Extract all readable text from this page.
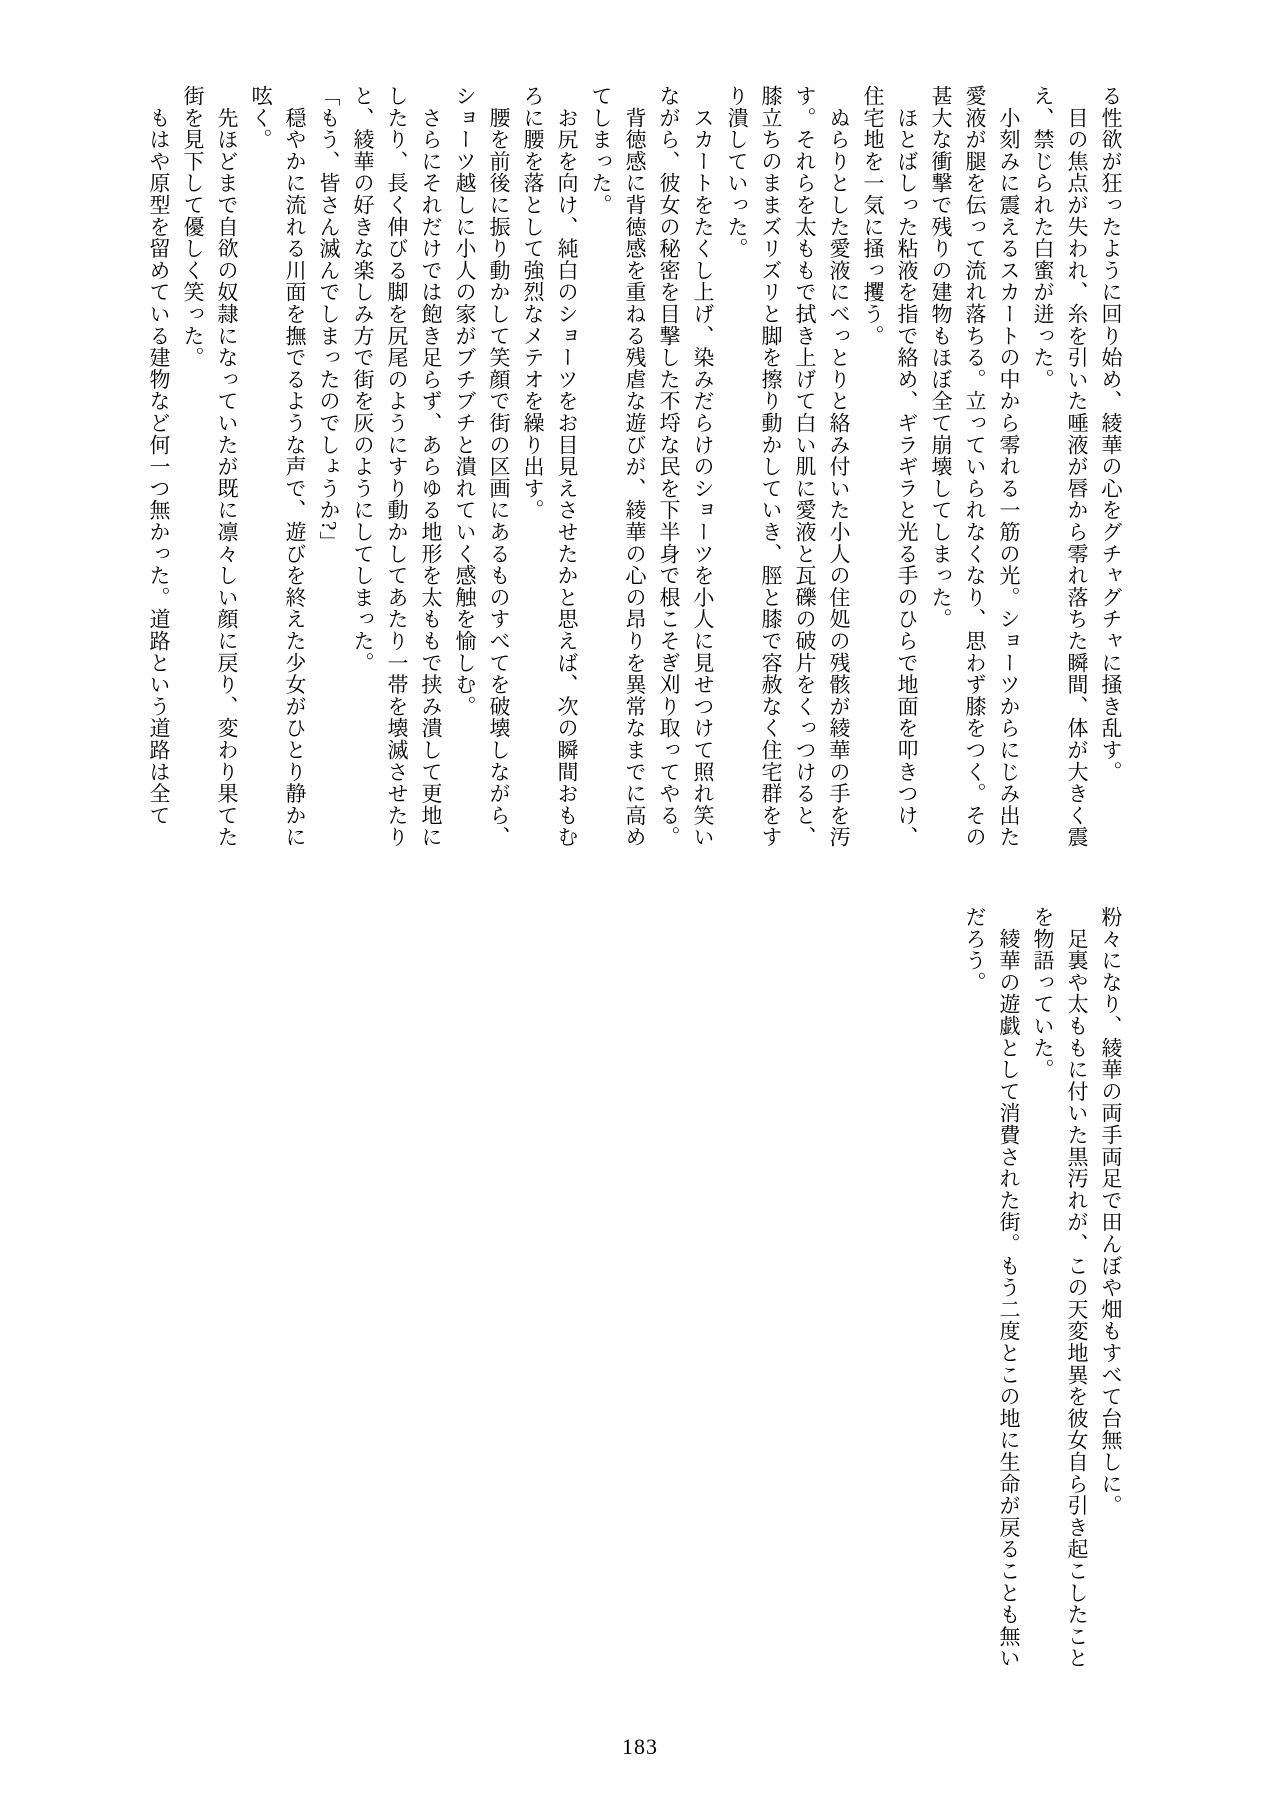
る性欲が狂ったように回り始め、綾華の心をグチャグチャに掻き乱す。

　目の焦点が失われ、糸を引いた唾液が唇から零れ落ちた瞬間、体が大きく震

え、禁じられた白蜜が迸った。

　小刻みに震えるスカートの中から零れる一筋の光。ショーツからにじみ出た

愛液が腿を伝って流れ落ちる。立っていられなくなり、思わず膝をつく。その

甚大な衝撃で残りの建物もほぼ全て崩壊してしまった。

　ほとばしった粘液を指で絡め、ギラギラと光る手のひらで地面を叩きつけ、

住宅地を一気に掻っ攫う。

　ぬらりとした愛液にべっとりと絡み付いた小人の住処の残骸が綾華の手を汚

す。それらを太ももで拭き上げて白い肌に愛液と瓦礫の破片をくっつけると、

膝立ちのままズリズリと脚を擦り動かしていき、脛と膝で容赦なく住宅群をす

り潰していった。

　スカートをたくし上げ、染みだらけのショーツを小人に見せつけて照れ笑い

ながら、彼女の秘密を目撃した不埒な民を下半身で根こそぎ刈り取ってやる。

　背徳感に背徳感を重ねる残虐な遊びが、綾華の心の昂りを異常なまでに高め

てしまった。

　お尻を向け、純白のショーツをお目見えさせたかと思えば、次の瞬間おもむ

ろに腰を落として強烈なメテオを繰り出す。

　腰を前後に振り動かして笑顔で街の区画にあるものすべてを破壊しながら、

ショーツ越しに小人の家がブチブチと潰れていく感触を愉しむ。

　さらにそれだけでは飽き足らず、あらゆる地形を太ももで挟み潰して更地に

したり、長く伸びる脚を尻尾のようにすり動かしてあたり一帯を壊滅させたり

と、綾華の好きな楽しみ方で街を灰のようにしてしまった。

「もう、皆さん滅んでしまったのでしょうか?」

　穏やかに流れる川面を撫でるような声で、遊びを終えた少女がひとり静かに

呟く。

　先ほどまで自欲の奴隷になっていたが既に凛々しい顔に戻り、変わり果てた

街を見下して優しく笑った。

　もはや原型を留めている建物など何一つ無かった。道路という道路は全て

粉々になり、綾華の両手両足で田んぼや畑もすべて台無しに。

　足裏や太ももに付いた黒汚れが、この天変地異を彼女自ら引き起こしたこと

を物語っていた。

　綾華の遊戯として消費された街。もう二度とこの地に生命が戻ることも無い

だろう。

183
